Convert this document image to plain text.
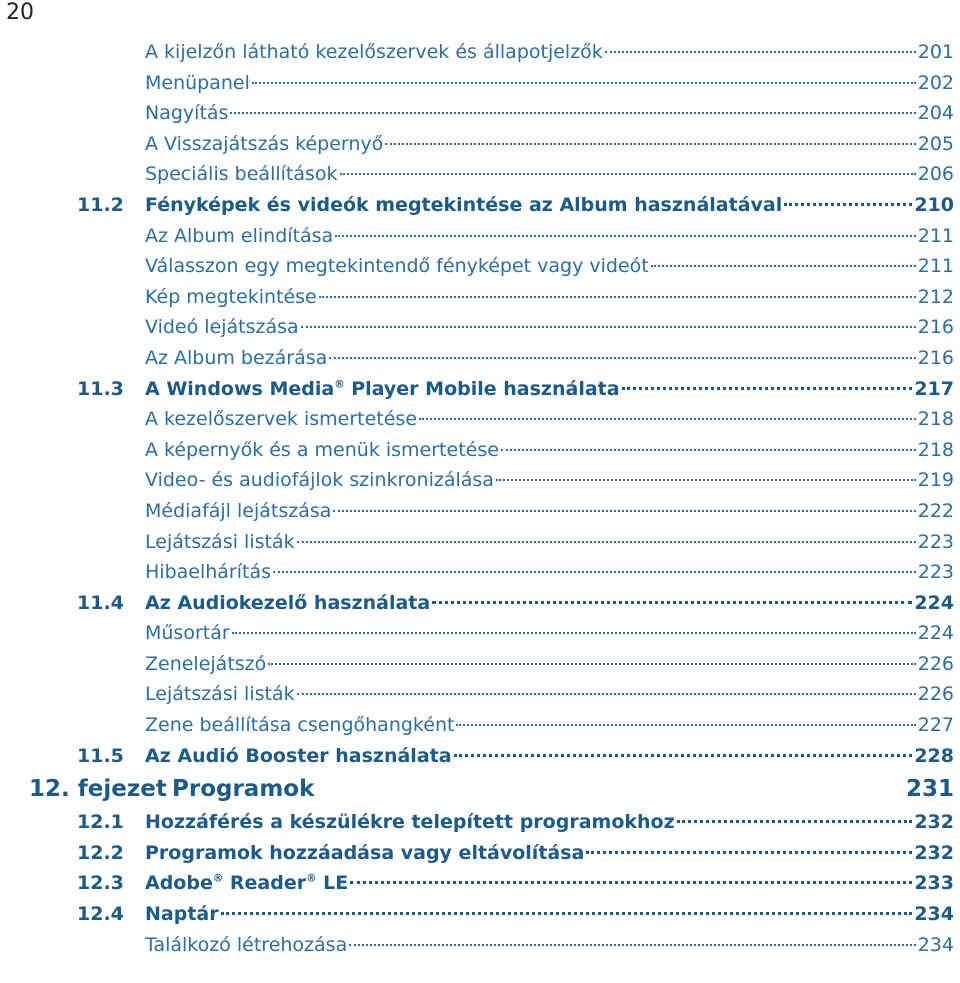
20
A kijelzőn látható kezelőszervek és állapotjelzők	201
Menüpanel	202
Nagyítás	204
A Visszajátszás képernyő	205
Speciális beállítások	206
11.2	Fényképek és videók megtekintése az Album használatával	210
Az Album elindítása	211
Válasszon egy megtekintendő fényképet vagy videót	211
Kép megtekintése	212
Videó lejátszása	216
Az Album bezárása	216
11.3	A Windows Media® Player Mobile használata	217
A kezelőszervek ismertetése	218
A képernyők és a menük ismertetése	218
Video- és audiofájlok szinkronizálása	219
Médiafájl lejátszása	222
Lejátszási listák	223
Hibaelhárítás	223
11.4	Az Audiokezelő használata	224
Műsortár	224
Zenelejátszó	226
Lejátszási listák	226
Zene beállítása csengőhangként	227
11.5	Az Audió Booster használata	228
12. fejezet Programok	231
12.1	Hozzáférés a készülékre telepített programokhoz	232
12.2	Programok hozzáadása vagy eltávolítása	232
12.3	Adobe® Reader® LE	233
12.4	Naptár	234
Találkozó létrehozása	234
